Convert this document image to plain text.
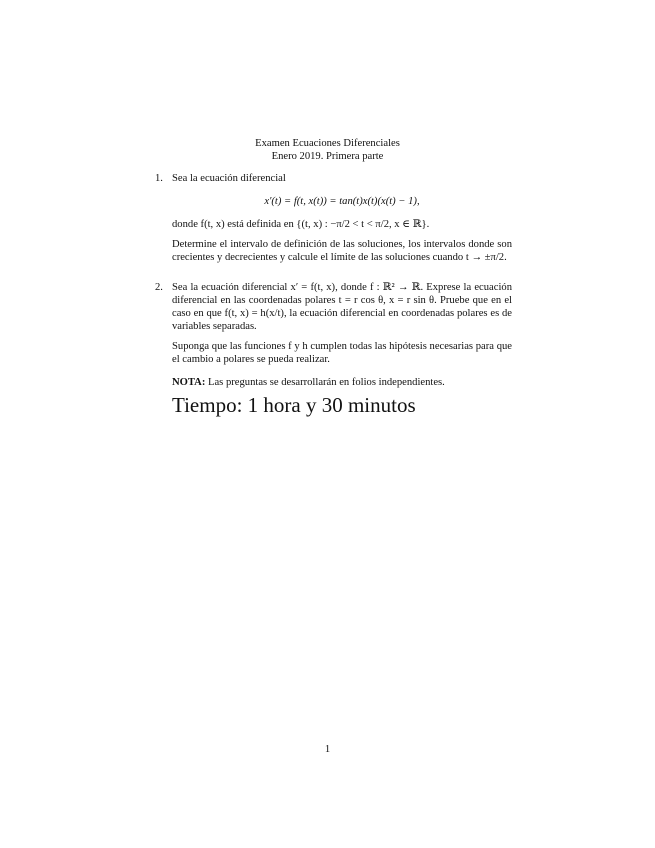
Examen Ecuaciones Diferenciales
Enero 2019. Primera parte
1. Sea la ecuación diferencial

x′(t) = f(t, x(t)) = tan(t)x(t)(x(t) − 1),

donde f(t, x) está definida en {(t, x) : −π/2 < t < π/2, x ∈ ℝ}.

Determine el intervalo de definición de las soluciones, los intervalos donde son crecientes y decrecientes y calcule el límite de las soluciones cuando t → ±π/2.

2. Sea la ecuación diferencial x′ = f(t, x), donde f : ℝ² → ℝ. Exprese la ecuación diferencial en las coordenadas polares t = r cos θ, x = r sin θ. Pruebe que en el caso en que f(t, x) = h(x/t), la ecuación diferencial en coordenadas polares es de variables separadas.

Suponga que las funciones f y h cumplen todas las hipótesis necesarias para que el cambio a polares se pueda realizar.

NOTA: Las preguntas se desarrollarán en folios independientes.

Tiempo: 1 hora y 30 minutos
1
